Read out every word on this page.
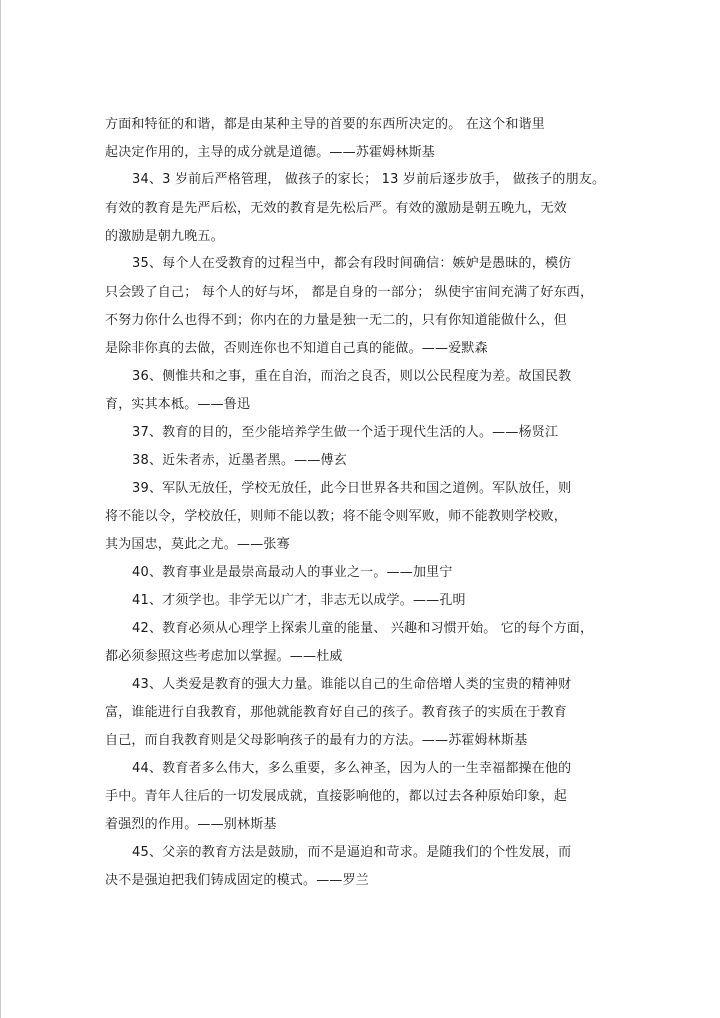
方面和特征的和谐，都是由某种主导的首要的东西所决定的。 在这个和谐里
起决定作用的，主导的成分就是道德。——苏霍姆林斯基
34、3 岁前后严格管理， 做孩子的家长； 13 岁前后逐步放手， 做孩子的朋友。
有效的教育是先严后松，无效的教育是先松后严。有效的激励是朝五晚九，无效
的激励是朝九晚五。
35、每个人在受教育的过程当中，都会有段时间确信：嫉妒是愚昧的，模仿
只会毁了自己； 每个人的好与坏， 都是自身的一部分； 纵使宇宙间充满了好东西，
不努力你什么也得不到；你内在的力量是独一无二的，只有你知道能做什么，但
是除非你真的去做，否则连你也不知道自己真的能做。——爱默森
36、侧惟共和之事，重在自治，而治之良否，则以公民程度为差。故国民教
育，实其本柢。——鲁迅
37、教育的目的，至少能培养学生做一个适于现代生活的人。——杨贤江
38、近朱者赤，近墨者黑。——傅玄
39、军队无放任，学校无放任，此今日世界各共和国之道例。军队放任，则
将不能以令，学校放任，则师不能以教；将不能令则军败，师不能教则学校败，
其为国忠，莫此之尤。——张骞
40、教育事业是最崇高最动人的事业之一。——加里宁
41、才须学也。非学无以广才，非志无以成学。——孔明
42、教育必须从心理学上探索儿童的能量、 兴趣和习惯开始。 它的每个方面，
都必须参照这些考虑加以掌握。——杜威
43、人类爱是教育的强大力量。谁能以自己的生命倍增人类的宝贵的精神财
富，谁能进行自我教育，那他就能教育好自己的孩子。教育孩子的实质在于教育
自己，而自我教育则是父母影响孩子的最有力的方法。——苏霍姆林斯基
44、教育者多么伟大，多么重要，多么神圣，因为人的一生幸福都操在他的
手中。青年人往后的一切发展成就，直接影响他的，都以过去各种原始印象，起
着强烈的作用。——别林斯基
45、父亲的教育方法是鼓励，而不是逼迫和苛求。是随我们的个性发展，而
决不是强迫把我们铸成固定的模式。——罗兰
